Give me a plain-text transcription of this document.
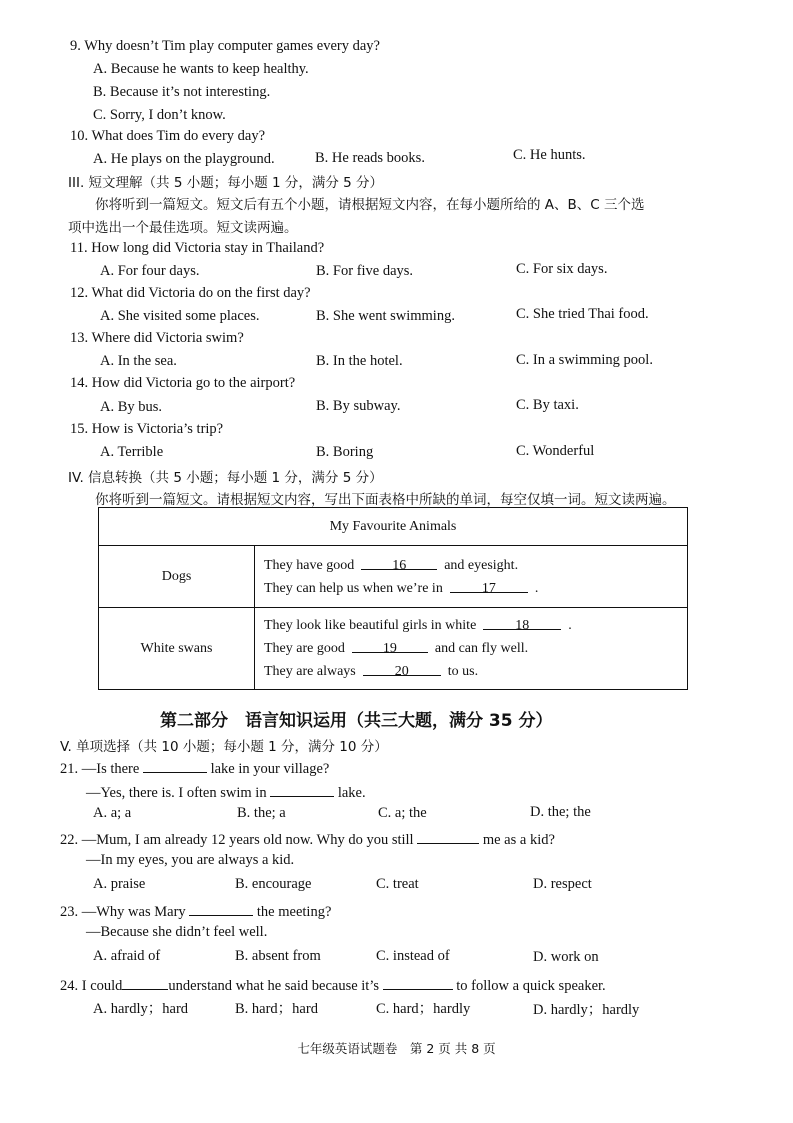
9. Why doesn’t Tim play computer games every day?
A. Because he wants to keep healthy.
B. Because it’s not interesting.
C. Sorry, I don’t know.
10. What does Tim do every day?
A. He plays on the playground.	B. He reads books.	C. He hunts.
III. 短文理解（共 5 小题；每小题 1 分，满分 5 分）
你将听到一篇短文。短文后有五个小题，请根据短文内容，在每小题所给的 A、B、C 三个选
项中选出一个最佳选项。短文读两遍。
11. How long did Victoria stay in Thailand?
A. For four days.	B. For five days.	C. For six days.
12. What did Victoria do on the first day?
A. She visited some places.	B. She went swimming.	C. She tried Thai food.
13. Where did Victoria swim?
A. In the sea.	B. In the hotel.	C. In a swimming pool.
14. How did Victoria go to the airport?
A. By bus.	B. By subway.	C. By taxi.
15. How is Victoria’s trip?
A. Terrible	B. Boring	C. Wonderful
IV. 信息转换（共 5 小题；每小题 1 分，满分 5 分）
你将听到一篇短文。请根据短文内容，写出下面表格中所缺的单词，每空仅填一词。短文读两遍。
My Favourite Animals	
Dogs	They have good 16 and eyesight.
They can help us when we’re in 17 .

White swans	They look like beautiful girls in white 18 .
They are good 19 and can fly well.
They are always 20 to us.
第二部分　语言知识运用（共三大题，满分 35 分）
V. 单项选择（共 10 小题；每小题 1 分，满分 10 分）
21. —Is there	lake in your village?
—Yes, there is. I often swim in	lake.
A. a; a	B. the; a	C. a; the	D. the; the
22. —Mum, I am already 12 years old now. Why do you still	me as a kid?
—In my eyes, you are always a kid.
A. praise	B. encourage	C. treat	D. respect
23. —Why was Mary	the meeting?
—Because she didn’t feel well.
A. afraid of	B. absent from	C. instead of	D. work on
24. I could	understand what he said because it’s	to follow a quick speaker.
A. hardly；hard	B. hard；hard	C. hard；hardly	D. hardly；hardly
七年级英语试题卷　第 2 页 共 8 页
